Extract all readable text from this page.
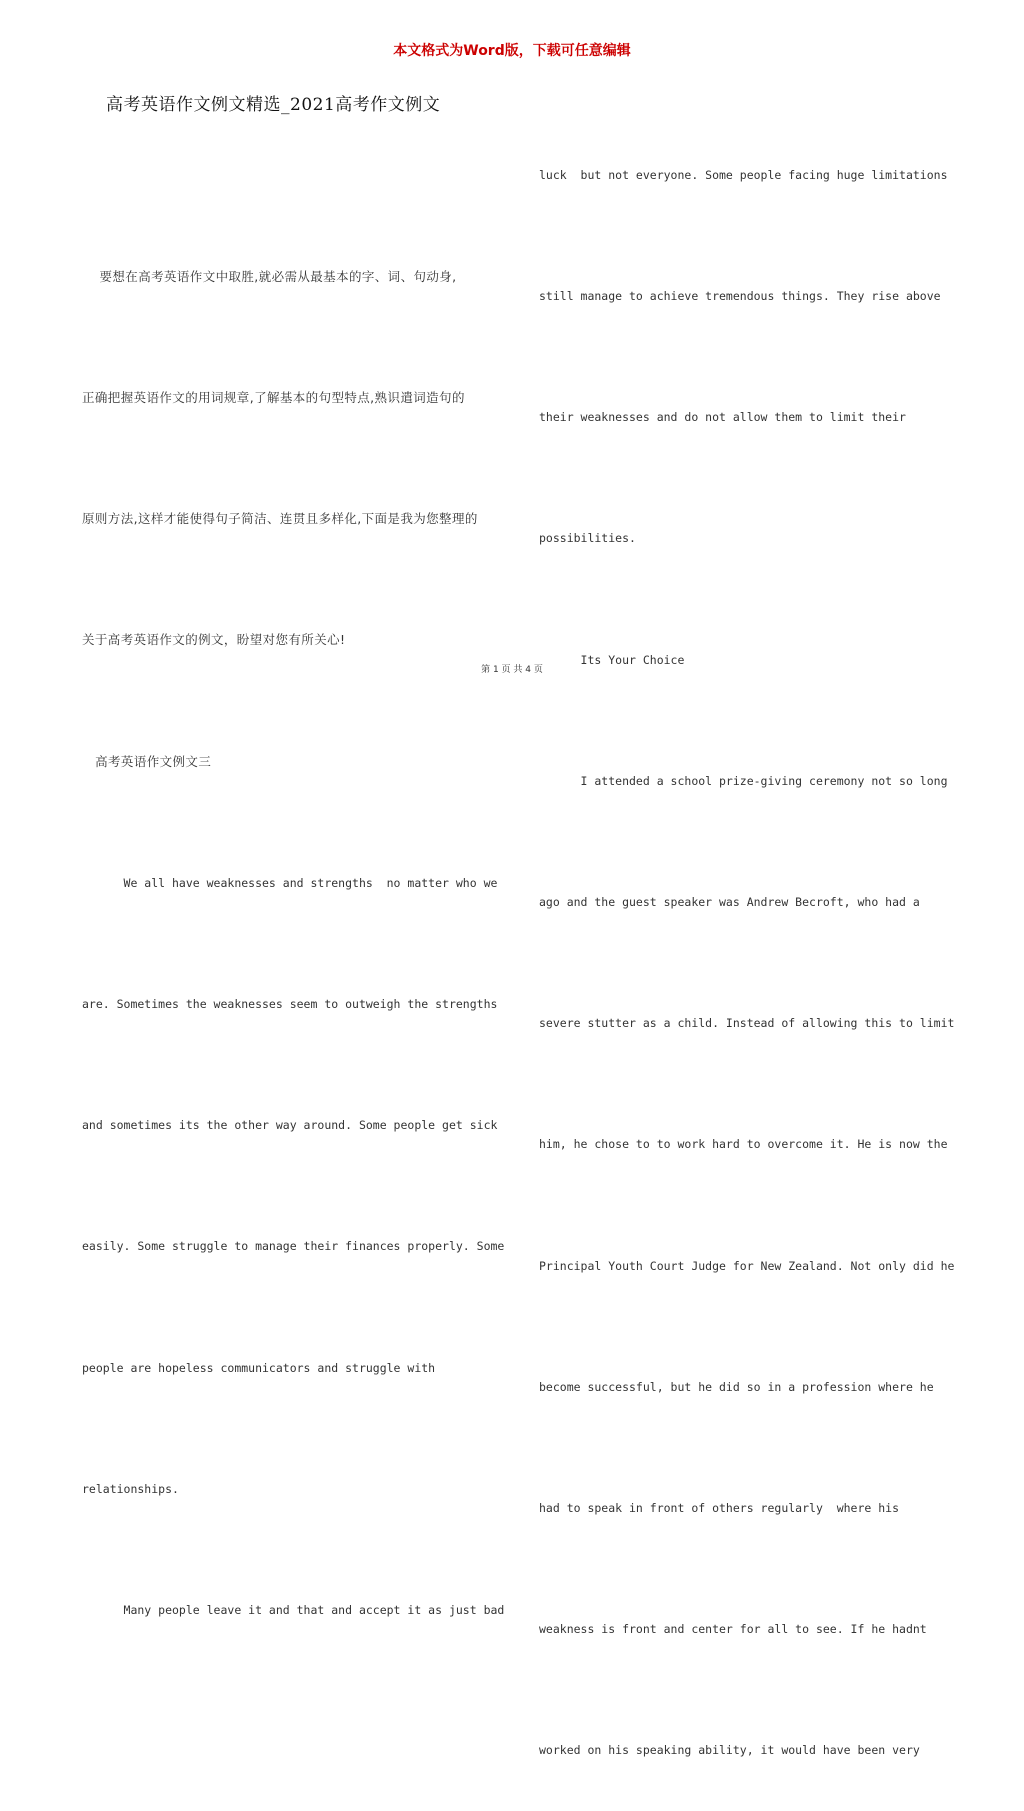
本文格式为Word版，下载可任意编辑
高考英语作文例文精选_2021高考作文例文

要想在高考英语作文中取胜,就必需从最基本的字、词、句动身,

正确把握英语作文的用词规章,了解基本的句型特点,熟识遣词造句的

原则方法,这样才能使得句子简洁、连贯且多样化,下面是我为您整理的

关于高考英语作文的例文，盼望对您有所关心!

高考英语作文例文三

We all have weaknesses and strengths  no matter who we

are. Sometimes the weaknesses seem to outweigh the strengths

and sometimes its the other way around. Some people get sick

easily. Some struggle to manage their finances properly. Some

people are hopeless communicators and struggle with

relationships.

Many people leave it and that and accept it as just bad

luck  but not everyone. Some people facing huge limitations

still manage to achieve tremendous things. They rise above

their weaknesses and do not allow them to limit their

possibilities.

Its Your Choice

I attended a school prize-giving ceremony not so long

ago and the guest speaker was Andrew Becroft, who had a

severe stutter as a child. Instead of allowing this to limit

him, he chose to to work hard to overcome it. He is now the

Principal Youth Court Judge for New Zealand. Not only did he

become successful, but he did so in a profession where he

had to speak in front of others regularly  where his

weakness is front and center for all to see. If he hadnt

worked on his speaking ability, it would have been very

第 1 页 共 4 页
